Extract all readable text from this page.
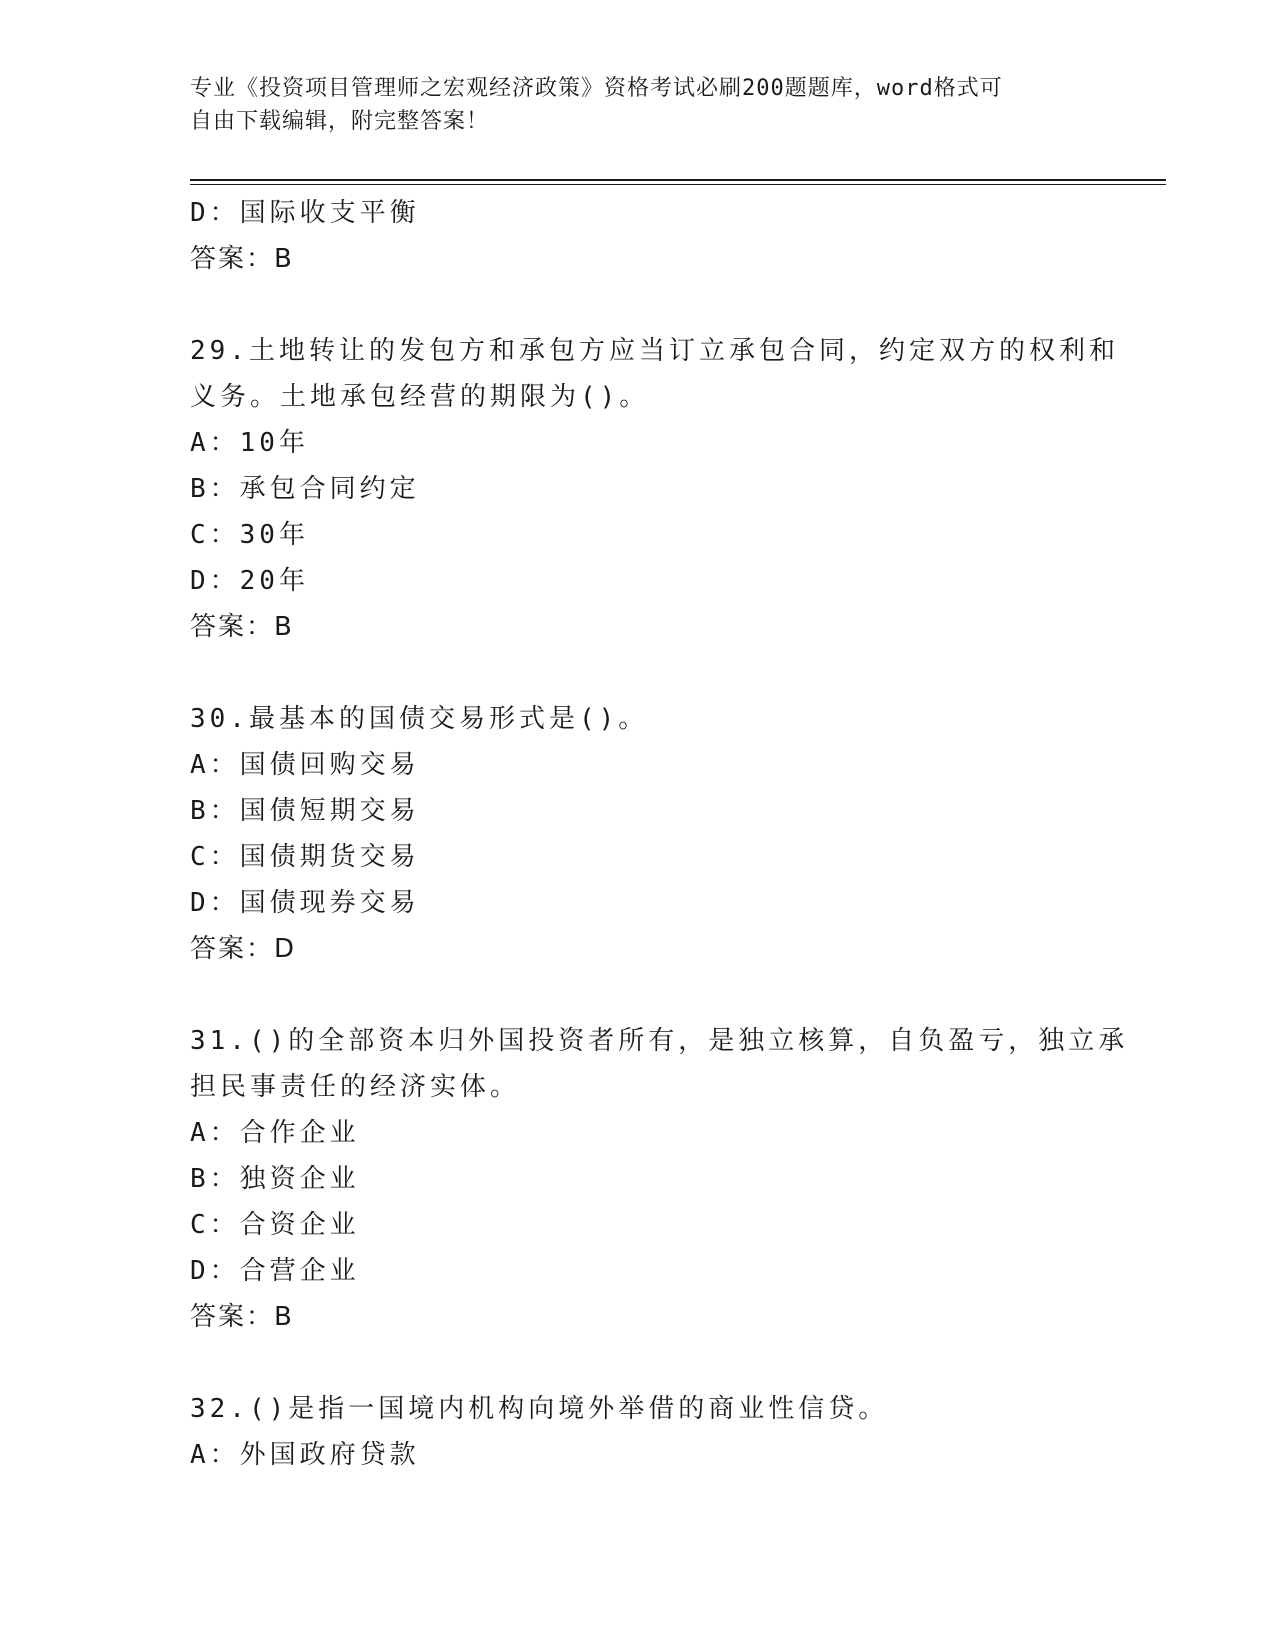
专业《投资项目管理师之宏观经济政策》资格考试必刷200题题库，word格式可

自由下载编辑，附完整答案！

D：国际收支平衡
答案：B
29.土地转让的发包方和承包方应当订立承包合同，约定双方的权利和
义务。土地承包经营的期限为()。
A：10年
B：承包合同约定
C：30年
D：20年
答案：B
30.最基本的国债交易形式是()。
A：国债回购交易
B：国债短期交易
C：国债期货交易
D：国债现券交易
答案：D
31.()的全部资本归外国投资者所有，是独立核算，自负盈亏，独立承
担民事责任的经济实体。
A：合作企业
B：独资企业
C：合资企业
D：合营企业
答案：B
32.()是指一国境内机构向境外举借的商业性信贷。
A：外国政府贷款
